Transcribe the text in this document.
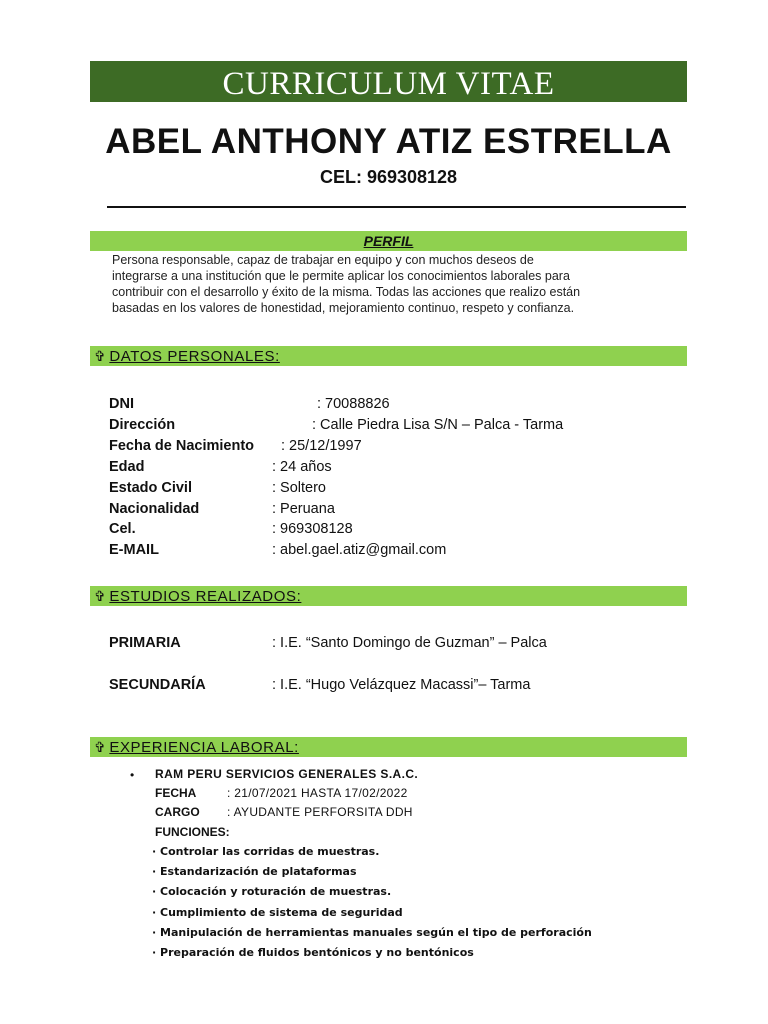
CURRICULUM VITAE
ABEL ANTHONY ATIZ ESTRELLA
CEL: 969308128
PERFIL
Persona responsable, capaz de trabajar en equipo y con muchos deseos de
integrarse a una institución que le permite aplicar los conocimientos laborales para
contribuir con el desarrollo y éxito de la misma. Todas las acciones que realizo están
basadas en los valores de honestidad, mejoramiento continuo, respeto y confianza.
✞ DATOS PERSONALES:
DNI	: 70088826
Dirección	: Calle Piedra Lisa S/N – Palca - Tarma
Fecha de Nacimiento : 25/12/1997
Edad	: 24 años
Estado Civil	: Soltero
Nacionalidad	: Peruana
Cel.	: 969308128
E-MAIL	: abel.gael.atiz@gmail.com
✞ ESTUDIOS REALIZADOS:
PRIMARIA	: I.E. “Santo Domingo de Guzman” – Palca
SECUNDARÍA	: I.E. “Hugo Velázquez Macassi”– Tarma
✞ EXPERIENCIA LABORAL:
• RAM PERU SERVICIOS GENERALES S.A.C.
FECHA	: 21/07/2021 HASTA 17/02/2022
CARGO : AYUDANTE PERFORSITA DDH
FUNCIONES:
· Controlar las corridas de muestras.
· Estandarización de plataformas
· Colocación y roturación de muestras.
· Cumplimiento de sistema de seguridad
· Manipulación de herramientas manuales según el tipo de perforación
· Preparación de fluidos bentónicos y no bentónicos
